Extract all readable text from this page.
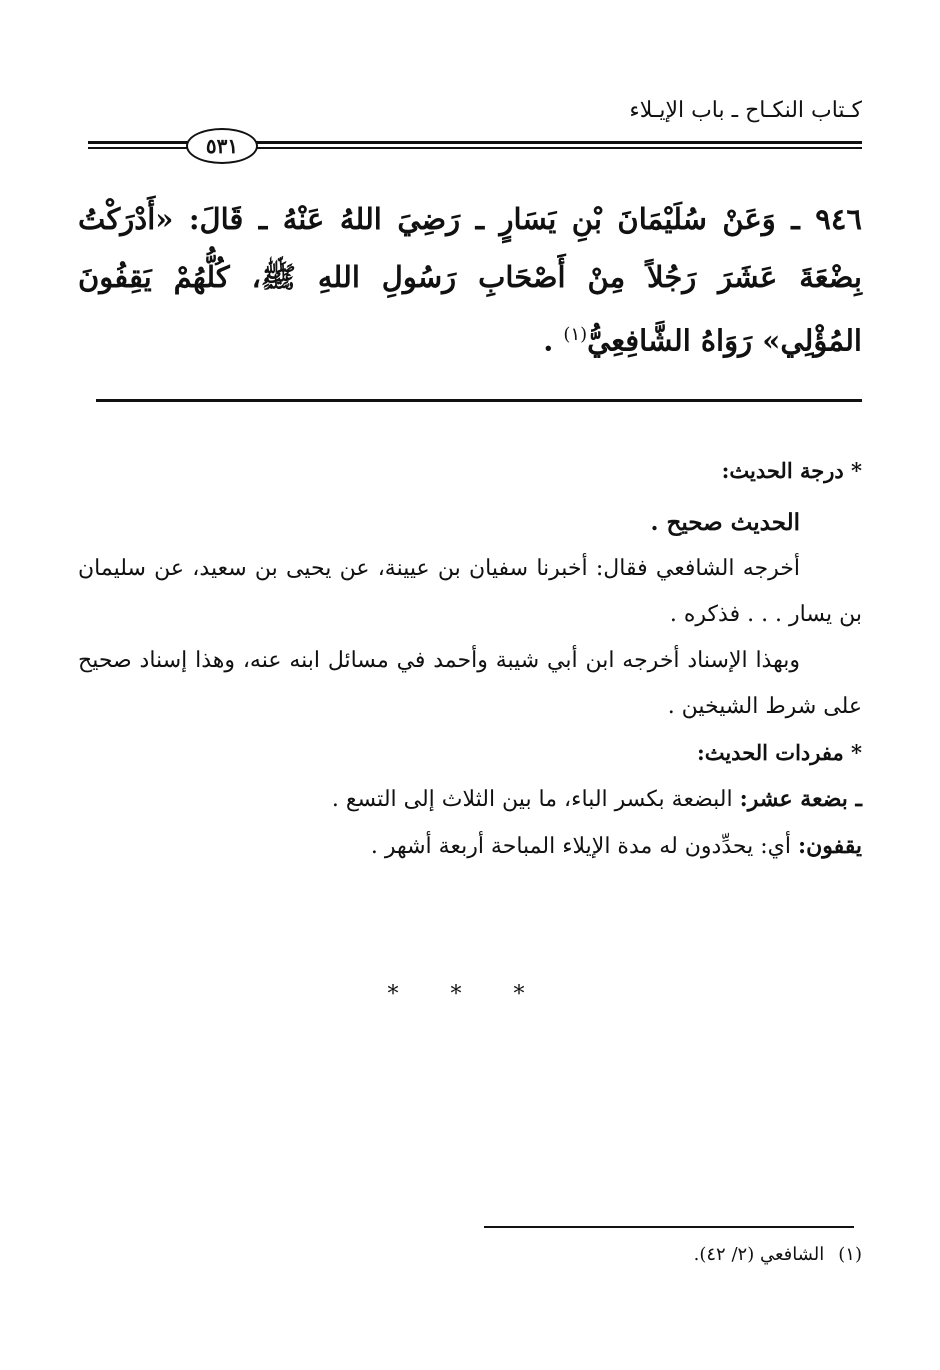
كـتاب النكـاح ـ باب الإيـلاء
٥٣١
٩٤٦ ـ وَعَنْ سُلَيْمَانَ بْنِ يَسَارٍ ـ رَضِيَ اللهُ عَنْهُ ـ قَالَ: «أَدْرَكْتُ بِضْعَةَ عَشَرَ رَجُلاً مِنْ أَصْحَابِ رَسُولِ اللهِ ﷺ، كُلُّهُمْ يَقِفُونَ المُؤْلِي» رَوَاهُ الشَّافِعِيُّ$^{(١)}$ .
* درجة الحديث:
الحديث صحيح .
أخرجه الشافعي فقال: أخبرنا سفيان بن عيينة، عن يحيى بن سعيد، عن سليمان بن يسار . . . فذكره .
وبهذا الإسناد أخرجه ابن أبي شيبة وأحمد في مسائل ابنه عنه، وهذا إسناد صحيح على شرط الشيخين .
* مفردات الحديث:
ـ بضعة عشر: البضعة بكسر الباء، ما بين الثلاث إلى التسع .
يقفون: أي: يحدِّدون له مدة الإيلاء المباحة أربعة أشهر .
* * *
(١)الشافعي (٢/ ٤٢).
